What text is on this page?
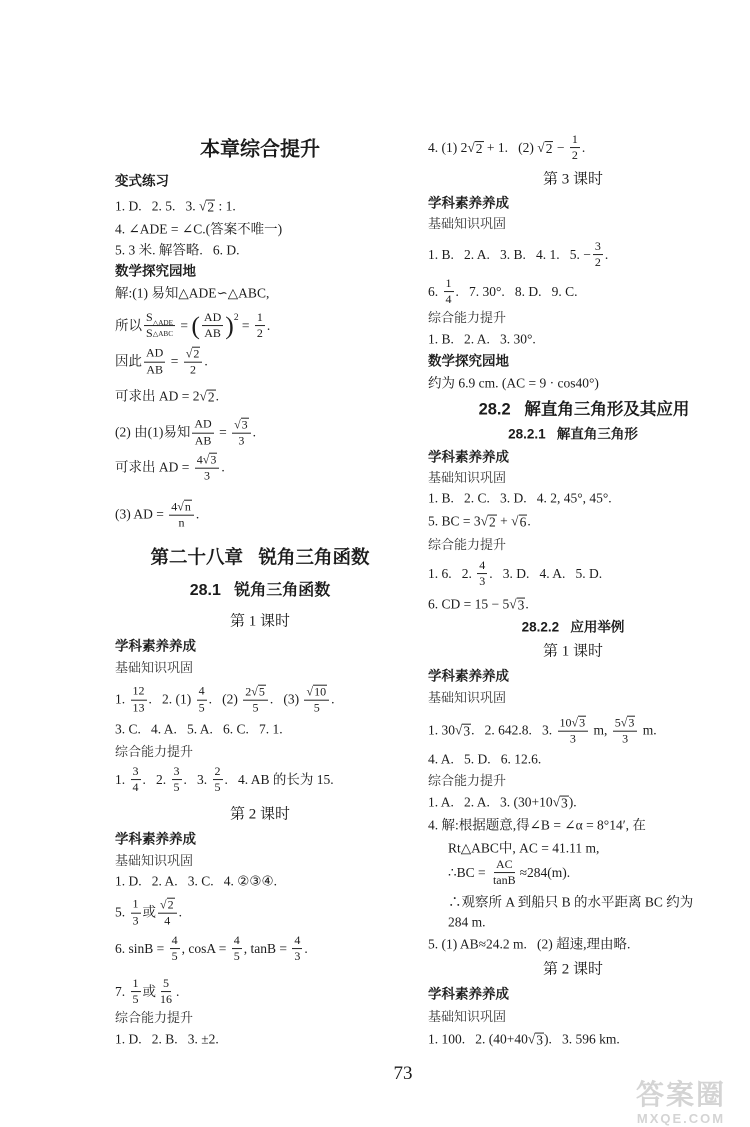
本章综合提升
变式练习
1. D.   2. 5.   3.
√ 2 : 1.
4. ∠ADE = ∠C.(答案不唯一)
5. 3 米. 解答略.   6. D.
数学探究园地
解:(1) 易知△ADE∽△ABC,
所以 $\frac{\text{S △ADE}}{\text{S △ABC}}$ = ( $\frac{AD}{AB}$ ) $2 = \frac{1}{2}$ .
因此 $\frac{AD}{AB}$ =
√ $\frac{2}{2}$ .
可求出 AD = 2
√ 2 .
(2) 由(1)易知 $\frac{AD}{AB}$ =
√ $\frac{3}{3}$ .
可求出 AD = 4
√ 3
3 .
(3) AD = 4
√ n
n .
第二十八章   锐角三角函数
28.1   锐角三角函数
第 1 课时
学科素养养成
基础知识巩固
1. $\frac{12}{13}$ .   2. $(1) \frac{4}{5}$ .   (2) 2
√ 5
5 .   (3)
√ $\frac{10}{5}$ .
3. C.   4. A.   5. A.   6. C.   7. 1.
综合能力提升
1. $\frac{3}{4}$ .   2. $\frac{3}{5}$ .   3. $\frac{2}{5}$ .   4. AB 的长为 15.
第 2 课时
学科素养养成
基础知识巩固
1. D.   2. A.   3. C.   4. ②③④.
5. $\frac{1}{3}$ 或
√ $\frac{2}{4}$ .
6. $\sin B = \frac{4}{5}$ , $\cos A = \frac{4}{5}$ , $\tan B = \frac{4}{3}$ .
7. $\frac{1}{5}$ 或 $\frac{5}{16}$ .
综合能力提升
1. D.   2. B.   3. ±2.
4. (1) 2
√ 2 + 1.   (2)
√ $2 - \frac{1}{2}$ .
第 3 课时
学科素养养成
基础知识巩固
1. B.   2. A.   3. B.   4. 1.   5. − $\frac{3}{2}$ .
6. $\frac{1}{4}$ .   7. 30°.   8. D.   9. C.
综合能力提升
1. B.   2. A.   3. 30°.
数学探究园地
约为 6.9 cm. (AC = 9 · cos40°)
28.2   解直角三角形及其应用
28.2.1   解直角三角形
学科素养养成
基础知识巩固
1. B.   2. C.   3. D.   4. 2, 45°, 45°.
5. BC = 3
√ 2 +
√ 6 .
综合能力提升
1. 6.   2. $\frac{4}{3}$ .   3. D.   4. A.   5. D.
6. CD = 15 − 5
√ 3 .
28.2.2   应用举例
第 1 课时
学科素养养成
基础知识巩固
1. 30
√ 3 .   2. 642.8.   3. 10
√ 3
3 m, 5
√ 3
3 m.
4. A.   5. D.   6. 12.6.
综合能力提升
1. A.   2. A.   3. (30+10
√ 3 ).
4. 解:根据题意,得∠B = ∠α = 8°14′, 在
Rt△ABC中, AC = 41.11 m,
∴BC = $\frac{AC}{\tan B} \approx 284(m)$.
∴观察所 A 到船只 B 的水平距离 BC 约为
284 m.
5. (1) AB≈24.2 m.   (2) 超速,理由略.
第 2 课时
学科素养养成
基础知识巩固
1. 100.   2. (40+40
√ 3 ).   3. 596 km.
73
答案圈
MXQE.COM
